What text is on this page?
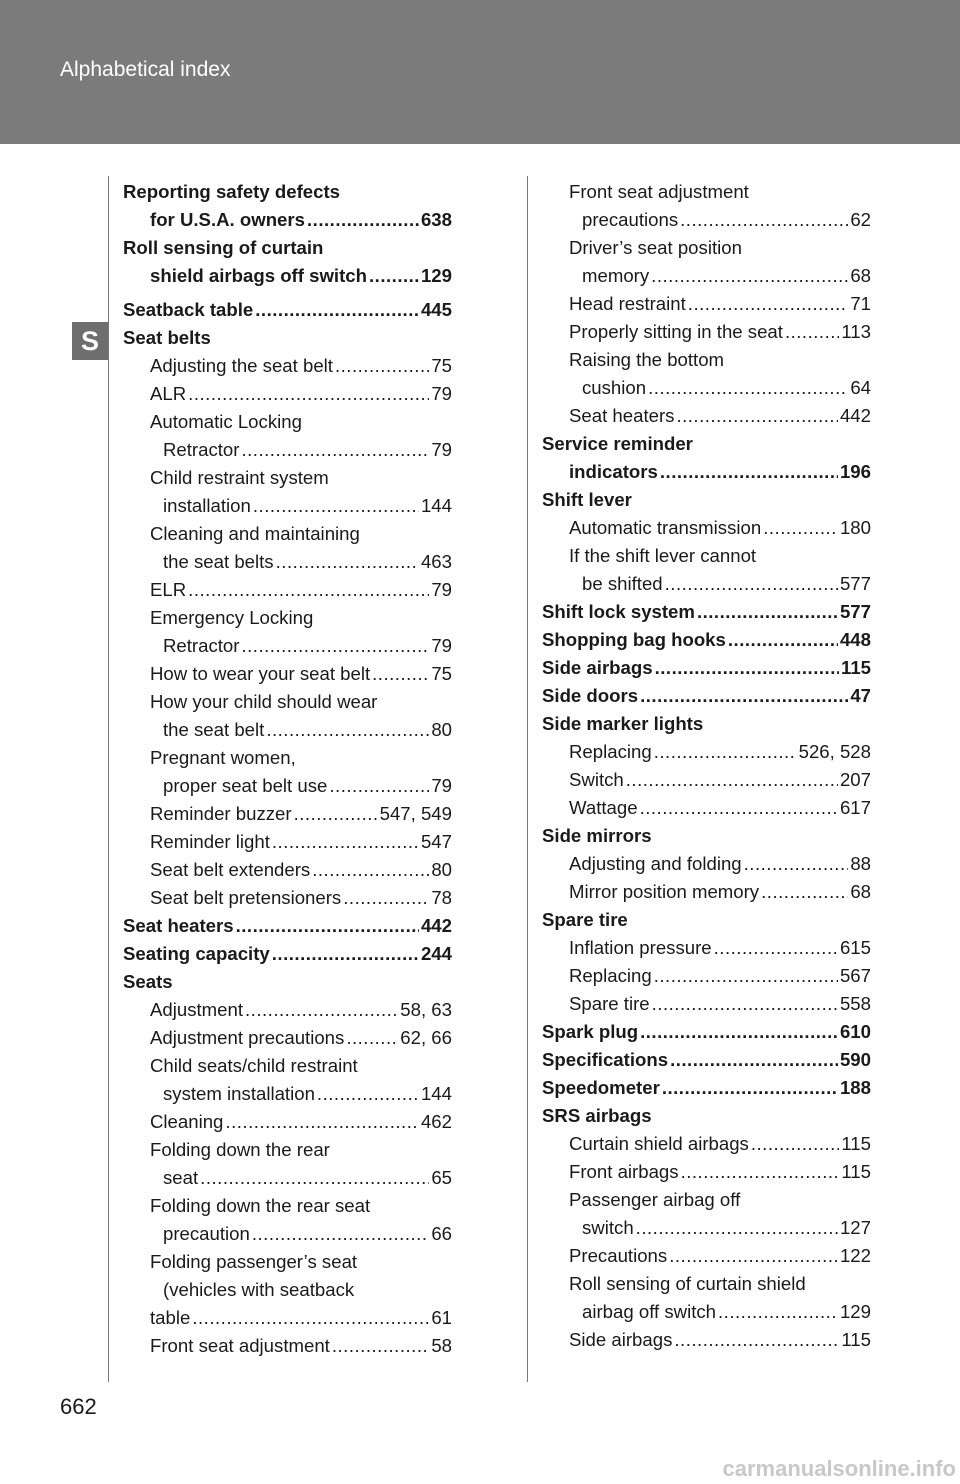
Alphabetical index
S
Reporting safety defects
for U.S.A. owners .....	638
Roll sensing of curtain
shield airbags off switch .....	129
Seatback table .....	445
Seat belts
Adjusting the seat belt .....	75
ALR .....	79
Automatic Locking
Retractor .....	79
Child restraint system
installation .....	144
Cleaning and maintaining
the seat belts .....	463
ELR .....	79
Emergency Locking
Retractor .....	79
How to wear your seat belt .....	75
How your child should wear
the seat belt .....	80
Pregnant women,
proper seat belt use .....	79
Reminder buzzer .....	547, 549
Reminder light .....	547
Seat belt extenders .....	80
Seat belt pretensioners .....	78
Seat heaters .....	442
Seating capacity .....	244
Seats
Adjustment .....	58, 63
Adjustment precautions .....	62, 66
Child seats/child restraint
system installation .....	144
Cleaning .....	462
Folding down the rear
seat .....	65
Folding down the rear seat
precaution .....	66
Folding passenger’s seat
(vehicles with seatback
table .....	61
Front seat adjustment .....	58
Front seat adjustment
precautions .....	62
Driver’s seat position
memory .....	68
Head restraint .....	71
Properly sitting in the seat .....	113
Raising the bottom
cushion .....	64
Seat heaters .....	442
Service reminder
indicators .....	196
Shift lever
Automatic transmission .....	180
If the shift lever cannot
be shifted .....	577
Shift lock system .....	577
Shopping bag hooks .....	448
Side airbags .....	115
Side doors .....	47
Side marker lights
Replacing .....	526, 528
Switch .....	207
Wattage .....	617
Side mirrors
Adjusting and folding .....	88
Mirror position memory .....	68
Spare tire
Inflation pressure .....	615
Replacing .....	567
Spare tire .....	558
Spark plug .....	610
Specifications .....	590
Speedometer .....	188
SRS airbags
Curtain shield airbags .....	115
Front airbags .....	115
Passenger airbag off
switch .....	127
Precautions .....	122
Roll sensing of curtain shield
airbag off switch .....	129
Side airbags .....	115
662
carmanualsonline.info
